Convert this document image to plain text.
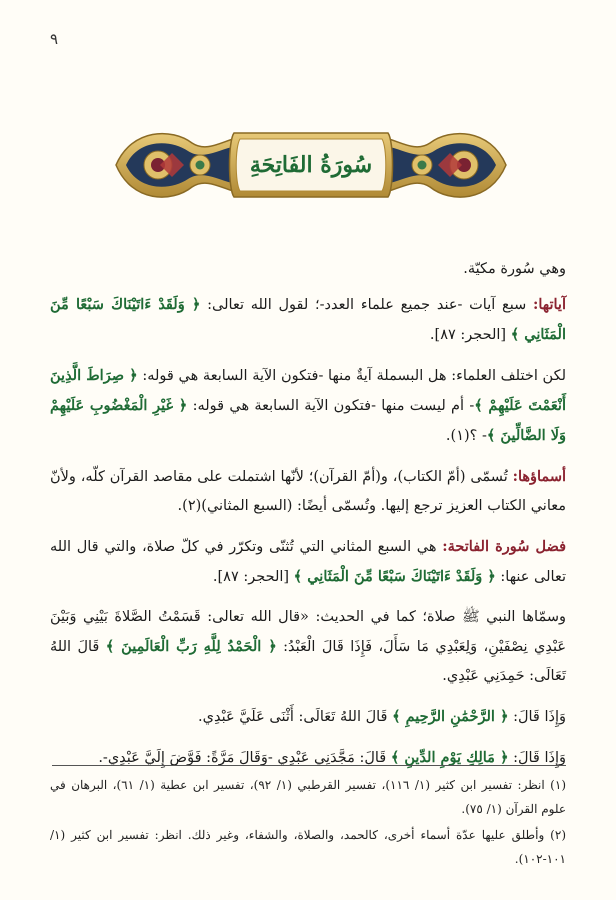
٩
سُورَةُ الفَاتِحَةِ

وهي سُورة مكيّة.

آياتها: سبع آيات -عند جميع علماء العدد-؛ لقول الله تعالى: ﴿ وَلَقَدْ ءَاتَيْنَاكَ سَبْعًا مِّنَ الْمَثَانِي ﴾ [الحجر: ٨٧].

لكن اختلف العلماء: هل البسملة آيةٌ منها -فتكون الآية السابعة هي قوله: ﴿ صِرَاطَ الَّذِينَ أَنْعَمْتَ عَلَيْهِمْ ﴾- أم ليست منها -فتكون الآية السابعة هي قوله: ﴿ غَيْرِ الْمَغْضُوبِ عَلَيْهِمْ وَلَا الضَّالِّينَ ﴾- ؟(١).

أسماؤها: تُسمّى (أمّ الكتاب)، و(أمّ القرآن)؛ لأنّها اشتملت على مقاصد القرآن كلّه، ولأنّ معاني الكتاب العزيز ترجع إليها. وتُسمّى أيضًا: (السبع المثاني)(٢).

فضل سُورة الفاتحة: هي السبع المثاني التي تُثنّى وتكرّر في كلّ صلاة، والتي قال الله تعالى عنها: ﴿ وَلَقَدْ ءَاتَيْنَاكَ سَبْعًا مِّنَ الْمَثَانِي ﴾ [الحجر: ٨٧].

وسمّاها النبي ﷺ صلاة؛ كما في الحديث: «قال الله تعالى: قَسَمْتُ الصَّلاةَ بَيْنِي وَبَيْنَ عَبْدِي نِصْفَيْنِ، وَلِعَبْدِي مَا سَأَلَ، فَإِذَا قَالَ الْعَبْدُ: ﴿ الْحَمْدُ لِلَّهِ رَبِّ الْعَالَمِينَ ﴾ قَالَ اللهُ تَعَالَى: حَمِدَنِي عَبْدِي.

وَإِذَا قَالَ: ﴿ الرَّحْمَٰنِ الرَّحِيمِ ﴾ قَالَ اللهُ تَعَالَى: أَثْنَى عَلَيَّ عَبْدِي.

وَإِذَا قَالَ: ﴿ مَالِكِ يَوْمِ الدِّينِ ﴾ قَالَ: مَجَّدَنِي عَبْدِي -وَقَالَ مَرَّةً: فَوَّضَ إِلَيَّ عَبْدِي-.

(١) انظر: تفسير ابن كثير (١/ ١١٦)، تفسير القرطبي (١/ ٩٢)، تفسير ابن عطية (١/ ٦١)، البرهان في علوم القرآن (١/ ٧٥).

(٢) وأطلق عليها عدّة أسماء أخرى، كالحمد، والصلاة، والشفاء، وغير ذلك. انظر: تفسير ابن كثير (١/ ١٠١-١٠٢).
